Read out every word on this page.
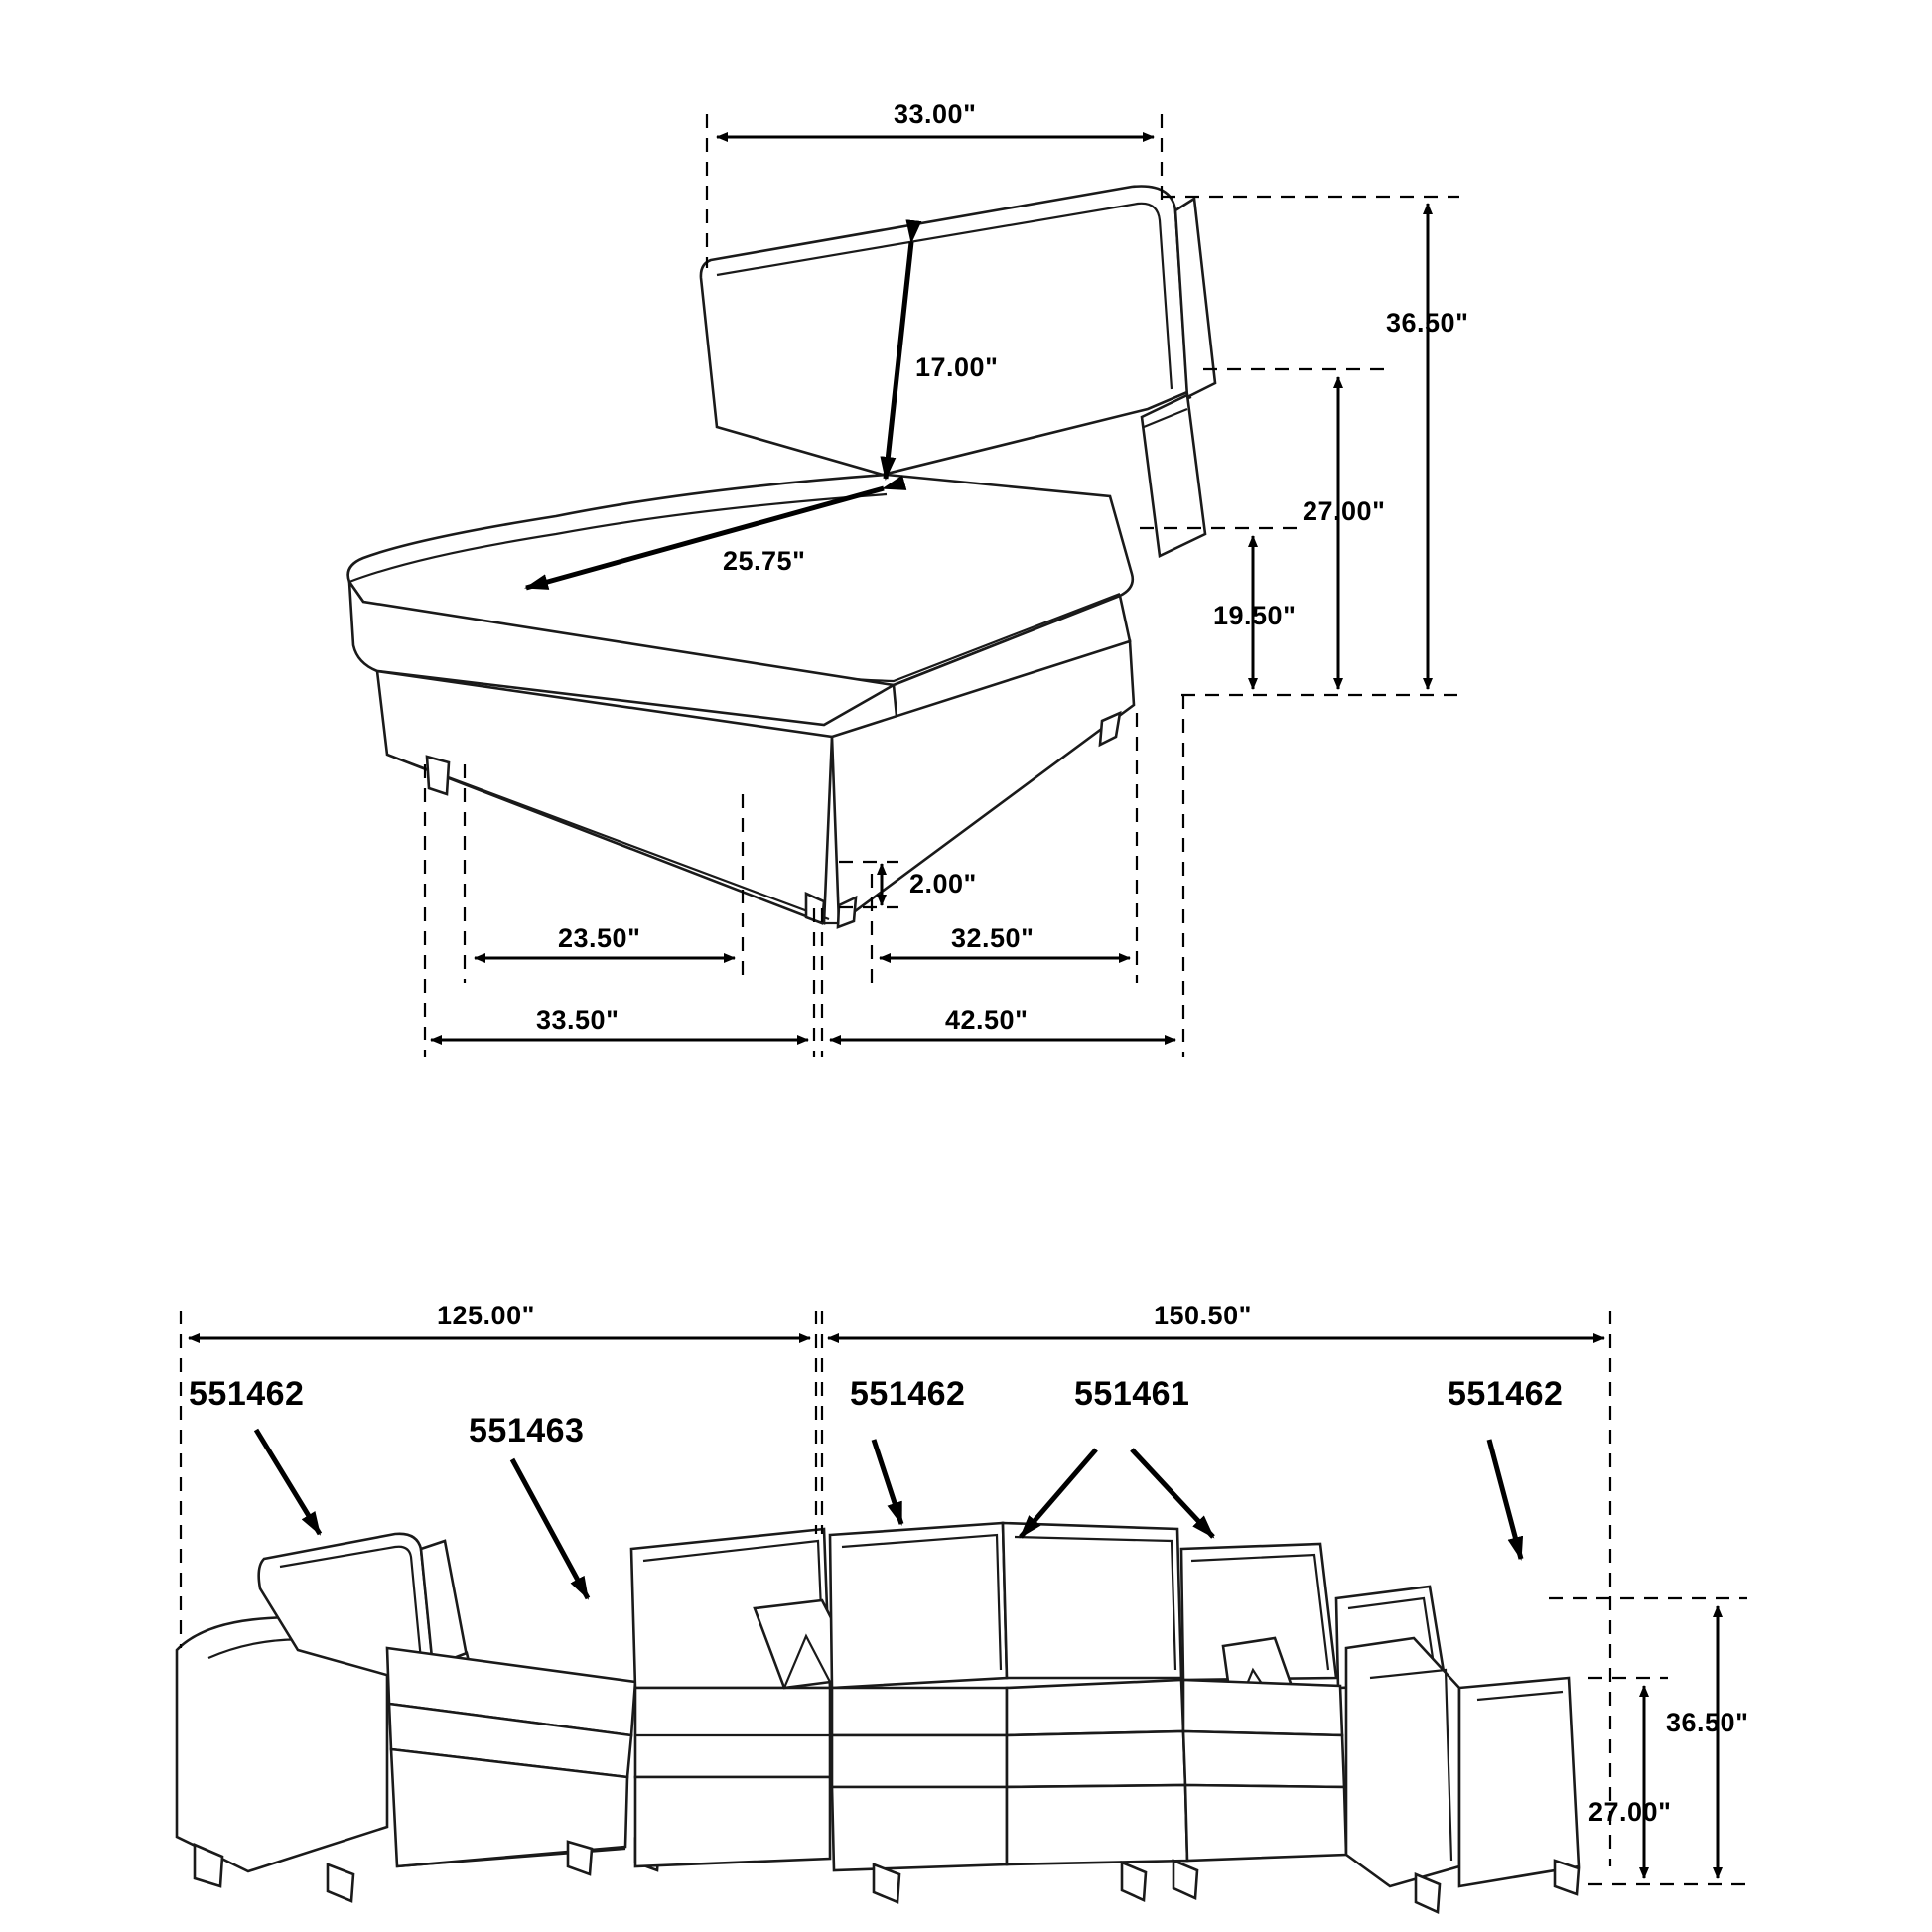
33.00"
17.00"
25.75"
36.50"
27.00"
19.50"
2.00"
23.50"	32.50"
33.50"	42.50"
125.00"	150.50"
36.50"
27.00"
551462
551463
551462	551461	551462
